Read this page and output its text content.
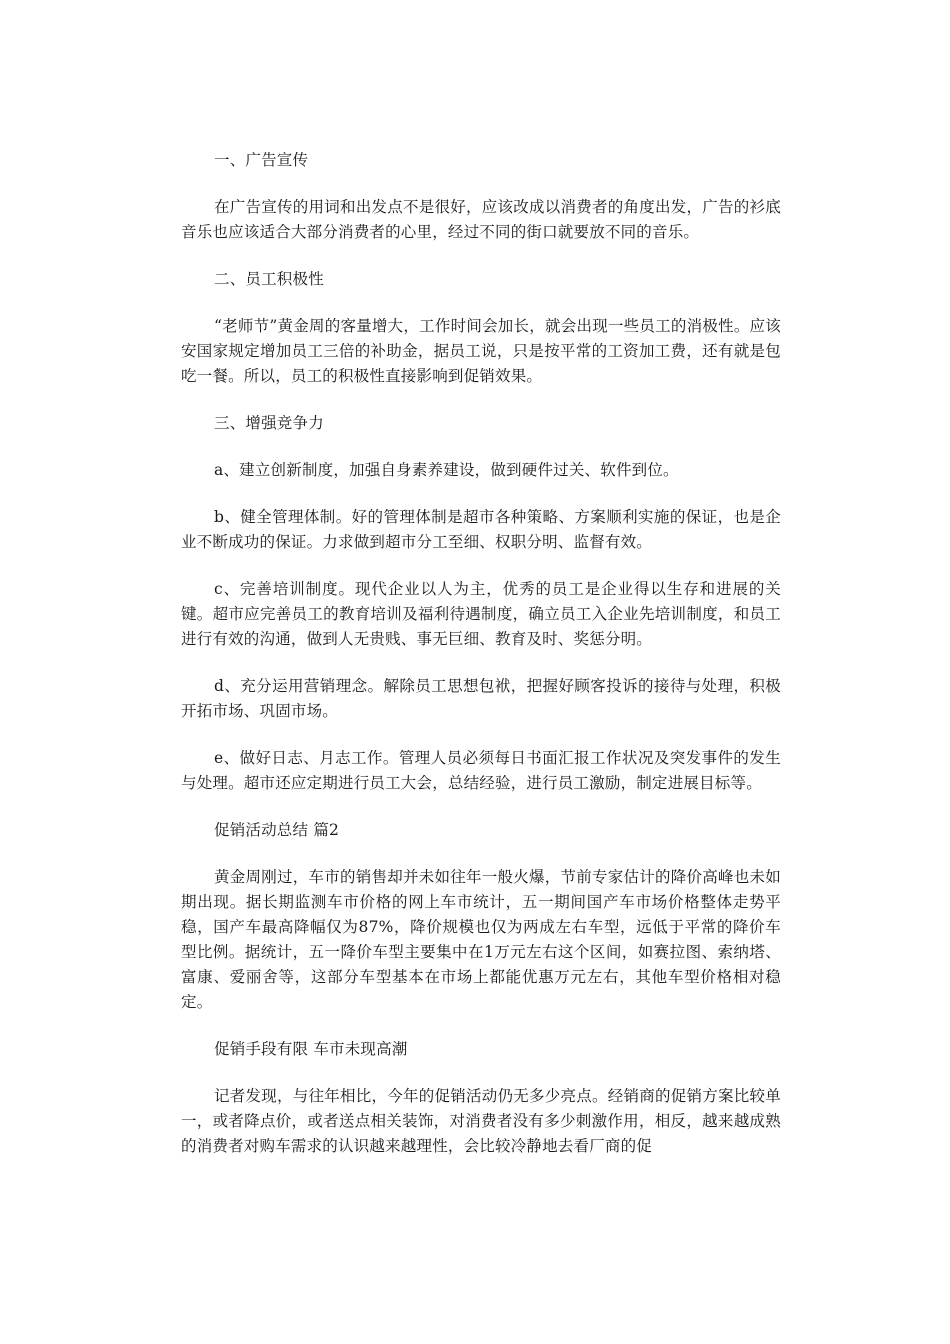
一、广告宣传

在广告宣传的用词和出发点不是很好，应该改成以消费者的角度出发，广告的衫底音乐也应该适合大部分消费者的心里，经过不同的街口就要放不同的音乐。

二、员工积极性

“老师节”黄金周的客量增大，工作时间会加长，就会出现一些员工的消极性。应该安国家规定增加员工三倍的补助金，据员工说，只是按平常的工资加工费，还有就是包吃一餐。所以，员工的积极性直接影响到促销效果。

三、增强竞争力

a、建立创新制度，加强自身素养建设，做到硬件过关、软件到位。

b、健全管理体制。好的管理体制是超市各种策略、方案顺利实施的保证，也是企业不断成功的保证。力求做到超市分工至细、权职分明、监督有效。

c、完善培训制度。现代企业以人为主，优秀的员工是企业得以生存和进展的关键。超市应完善员工的教育培训及福利待遇制度，确立员工入企业先培训制度，和员工进行有效的沟通，做到人无贵贱、事无巨细、教育及时、奖惩分明。

d、充分运用营销理念。解除员工思想包袱，把握好顾客投诉的接待与处理，积极开拓市场、巩固市场。

e、做好日志、月志工作。管理人员必须每日书面汇报工作状况及突发事件的发生与处理。超市还应定期进行员工大会，总结经验，进行员工激励，制定进展目标等。

促销活动总结 篇2

黄金周刚过，车市的销售却并未如往年一般火爆，节前专家估计的降价高峰也未如期出现。据长期监测车市价格的网上车市统计，五一期间国产车市场价格整体走势平稳，国产车最高降幅仅为87%，降价规模也仅为两成左右车型，远低于平常的降价车型比例。据统计，五一降价车型主要集中在1万元左右这个区间，如赛拉图、索纳塔、富康、爱丽舍等，这部分车型基本在市场上都能优惠万元左右，其他车型价格相对稳定。

促销手段有限 车市未现高潮

记者发现，与往年相比，今年的促销活动仍无多少亮点。经销商的促销方案比较单一，或者降点价，或者送点相关装饰，对消费者没有多少刺激作用，相反，越来越成熟的消费者对购车需求的认识越来越理性，会比较冷静地去看厂商的促
